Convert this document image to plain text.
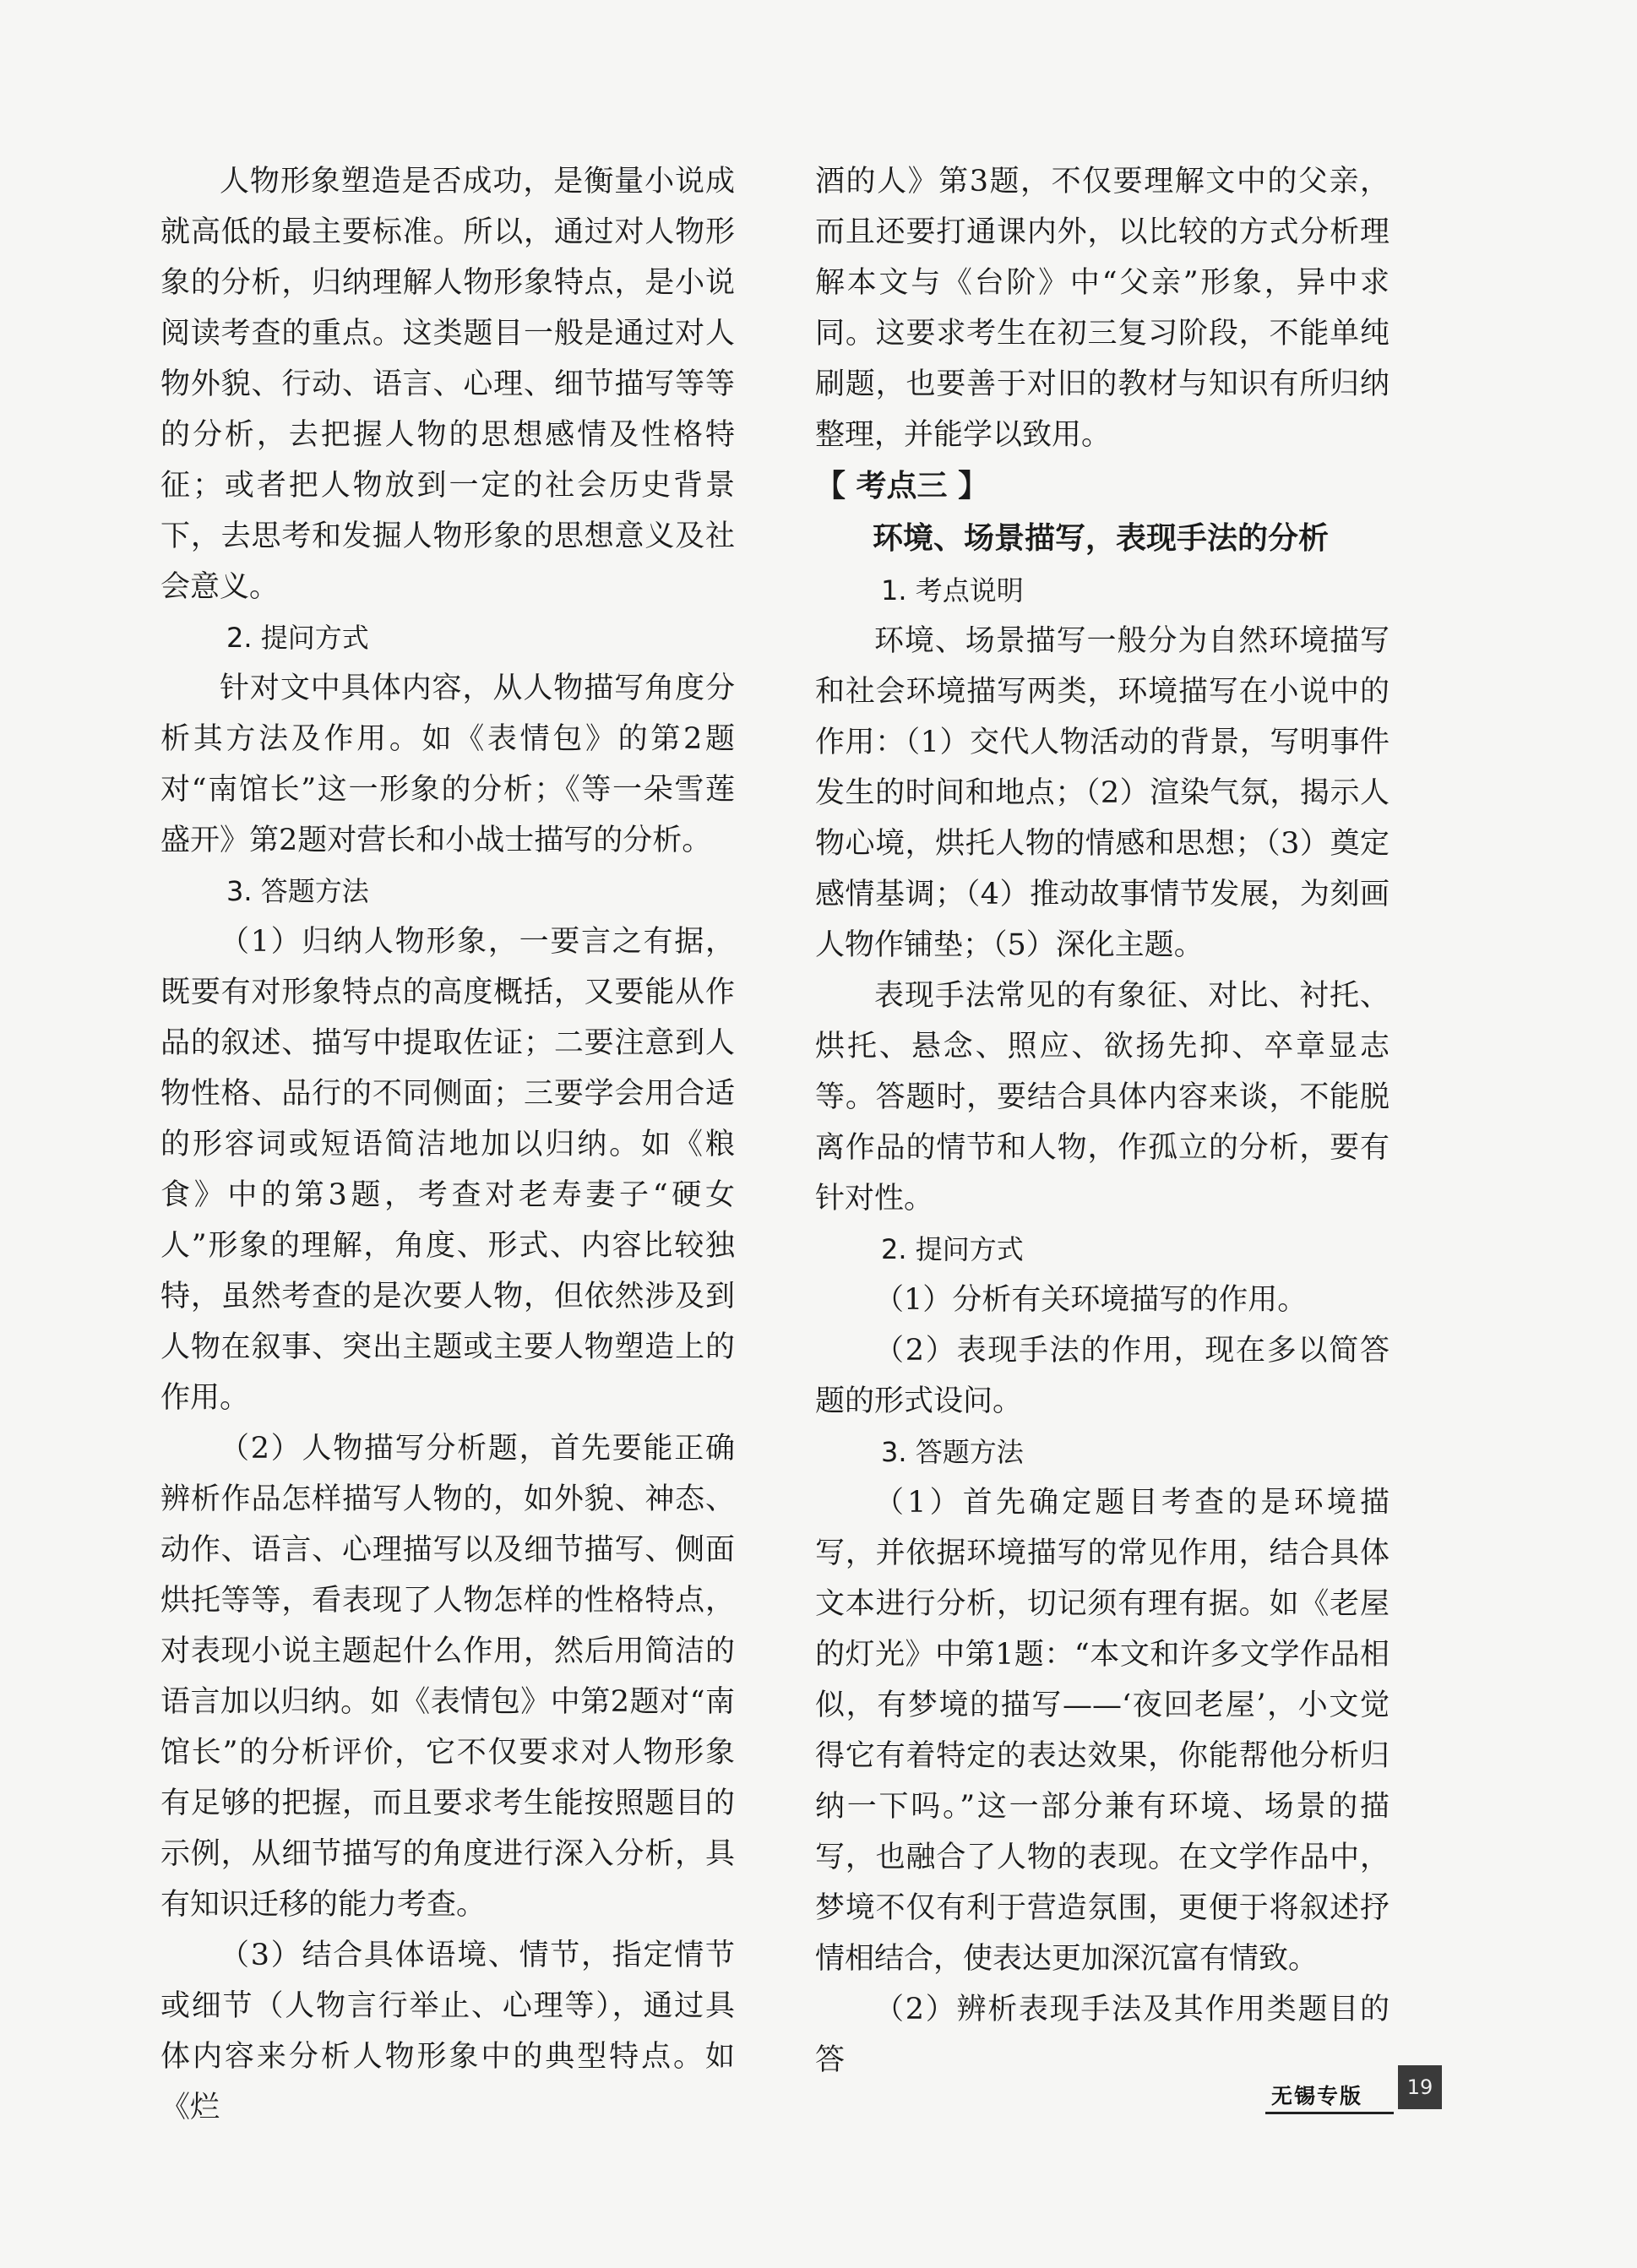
人物形象塑造是否成功，是衡量小说成就高低的最主要标准。所以，通过对人物形象的分析，归纳理解人物形象特点，是小说阅读考查的重点。这类题目一般是通过对人物外貌、行动、语言、心理、细节描写等等的分析，去把握人物的思想感情及性格特征；或者把人物放到一定的社会历史背景下，去思考和发掘人物形象的思想意义及社会意义。

2. 提问方式

针对文中具体内容，从人物描写角度分析其方法及作用。如《表情包》的第2题对“南馆长”这一形象的分析；《等一朵雪莲盛开》第2题对营长和小战士描写的分析。

3. 答题方法

（1）归纳人物形象，一要言之有据，既要有对形象特点的高度概括，又要能从作品的叙述、描写中提取佐证；二要注意到人物性格、品行的不同侧面；三要学会用合适的形容词或短语简洁地加以归纳。如《粮食》中的第3题，考查对老寿妻子“硬女人”形象的理解，角度、形式、内容比较独特，虽然考查的是次要人物，但依然涉及到人物在叙事、突出主题或主要人物塑造上的作用。

（2）人物描写分析题，首先要能正确辨析作品怎样描写人物的，如外貌、神态、动作、语言、心理描写以及细节描写、侧面烘托等等，看表现了人物怎样的性格特点，对表现小说主题起什么作用，然后用简洁的语言加以归纳。如《表情包》中第2题对“南馆长”的分析评价，它不仅要求对人物形象有足够的把握，而且要求考生能按照题目的示例，从细节描写的角度进行深入分析，具有知识迁移的能力考查。

（3）结合具体语境、情节，指定情节或细节（人物言行举止、心理等），通过具体内容来分析人物形象中的典型特点。如《烂

酒的人》第3题，不仅要理解文中的父亲，而且还要打通课内外，以比较的方式分析理解本文与《台阶》中“父亲”形象，异中求同。这要求考生在初三复习阶段，不能单纯刷题，也要善于对旧的教材与知识有所归纳整理，并能学以致用。

【 考点三 】
环境、场景描写，表现手法的分析
1. 考点说明

环境、场景描写一般分为自然环境描写和社会环境描写两类，环境描写在小说中的作用：（1）交代人物活动的背景，写明事件发生的时间和地点；（2）渲染气氛，揭示人物心境，烘托人物的情感和思想；（3）奠定感情基调；（4）推动故事情节发展，为刻画人物作铺垫；（5）深化主题。

表现手法常见的有象征、对比、衬托、烘托、悬念、照应、欲扬先抑、卒章显志等。答题时，要结合具体内容来谈，不能脱离作品的情节和人物，作孤立的分析，要有针对性。

2. 提问方式

（1）分析有关环境描写的作用。

（2）表现手法的作用，现在多以简答题的形式设问。

3. 答题方法

（1）首先确定题目考查的是环境描写，并依据环境描写的常见作用，结合具体文本进行分析，切记须有理有据。如《老屋的灯光》中第1题：“本文和许多文学作品相似，有梦境的描写——‘夜回老屋’，小文觉得它有着特定的表达效果，你能帮他分析归纳一下吗。”这一部分兼有环境、场景的描写，也融合了人物的表现。在文学作品中，梦境不仅有利于营造氛围，更便于将叙述抒情相结合，使表达更加深沉富有情致。

（2）辨析表现手法及其作用类题目的答

无锡专版	19
